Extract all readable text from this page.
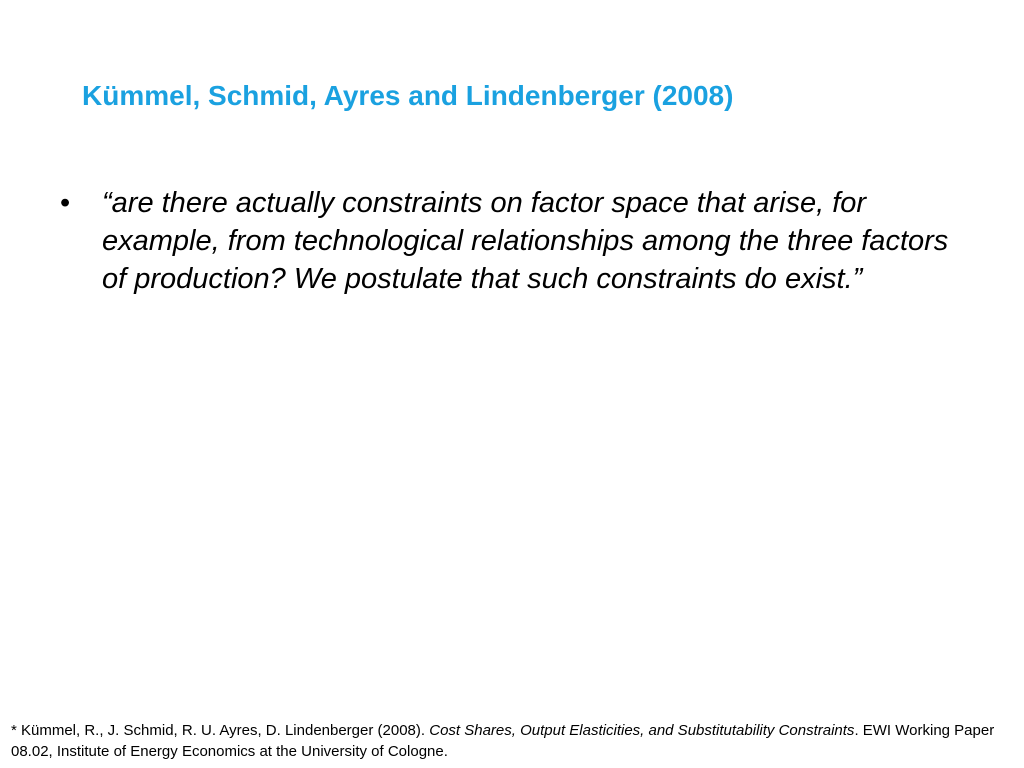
Kümmel, Schmid, Ayres and Lindenberger (2008)
• “are there actually constraints on factor space that arise, for example, from technological relationships among the three factors of production? We postulate that such constraints do exist.”
* Kümmel, R., J. Schmid, R. U. Ayres, D. Lindenberger (2008). Cost Shares, Output Elasticities, and Substitutability Constraints. EWI Working Paper 08.02, Institute of Energy Economics at the University of Cologne.
